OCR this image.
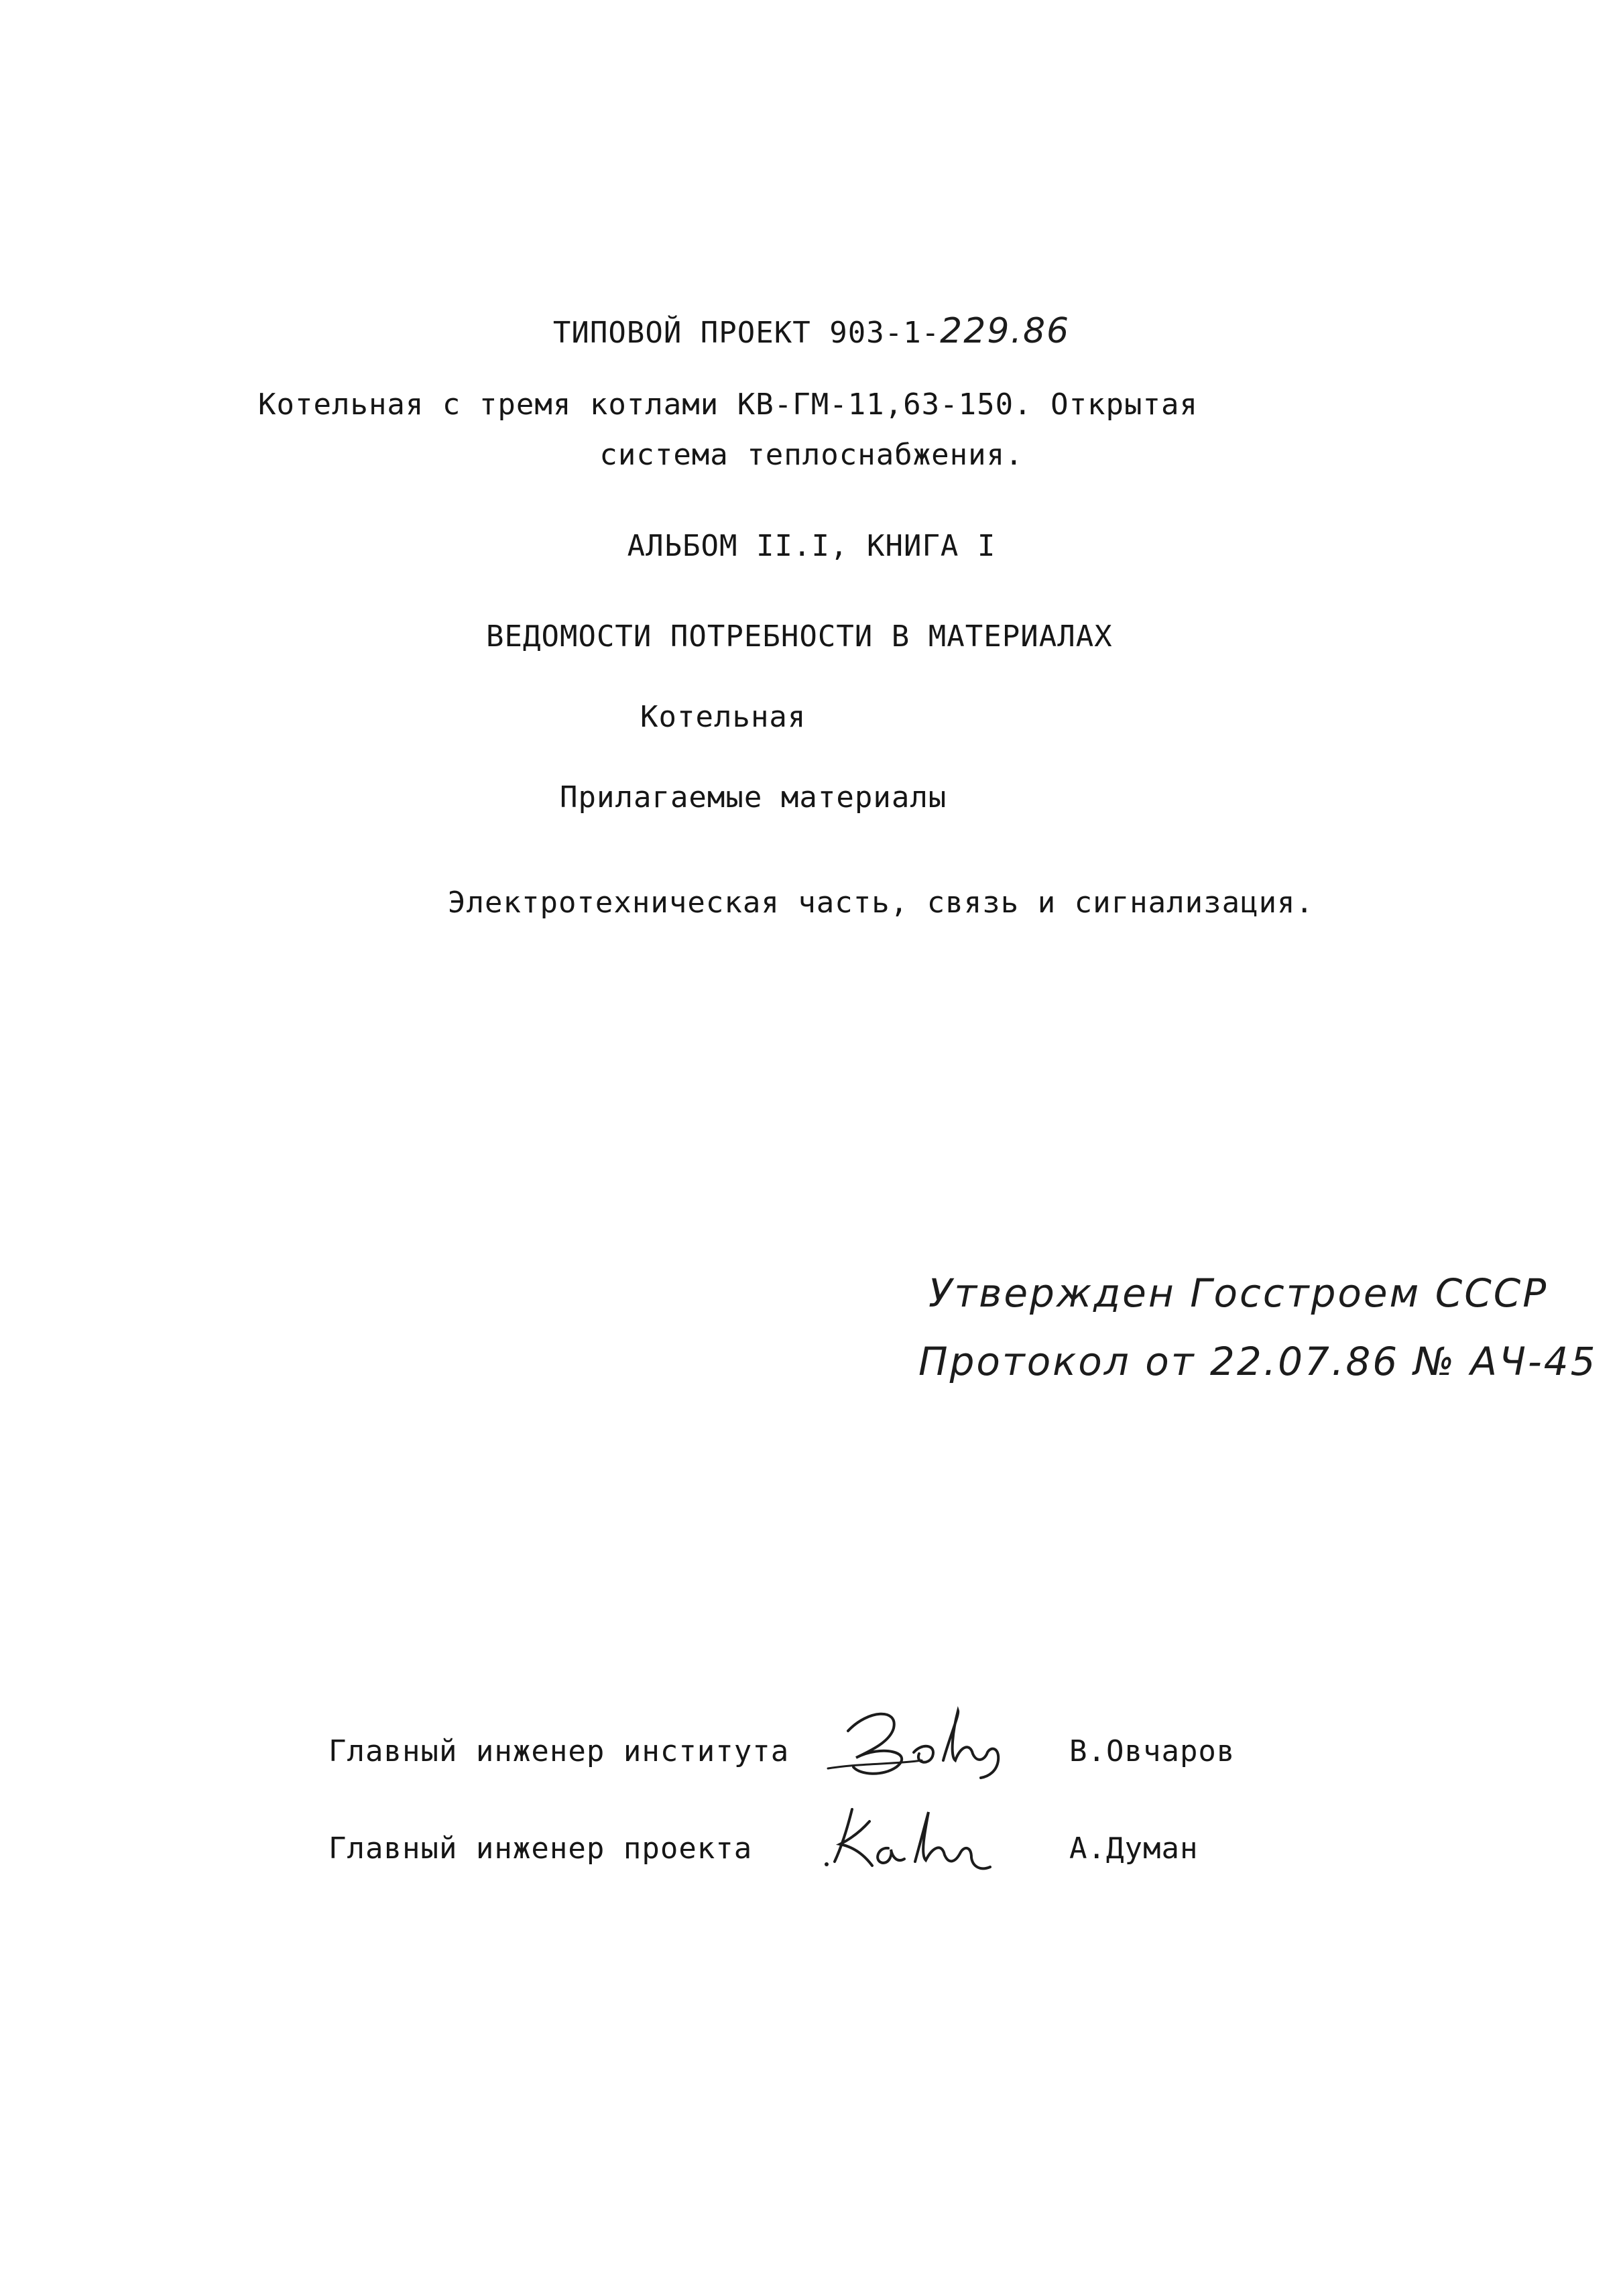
ТИПОВОЙ ПРОЕКТ 903-1-229.86
Котельная с тремя котлами КВ-ГМ-11,63-150. Открытая
система теплоснабжения.
АЛЬБОМ II.I, КНИГА I
ВЕДОМОСТИ ПОТРЕБНОСТИ В МАТЕРИАЛАХ
Котельная
Прилагаемые материалы
Электротехническая часть, связь и сигнализация.
Утвержден Госстроем СССР
Протокол от 22.07.86 № АЧ-45
Главный инженер института	В.Овчаров
Главный инженер проекта	А.Думан
